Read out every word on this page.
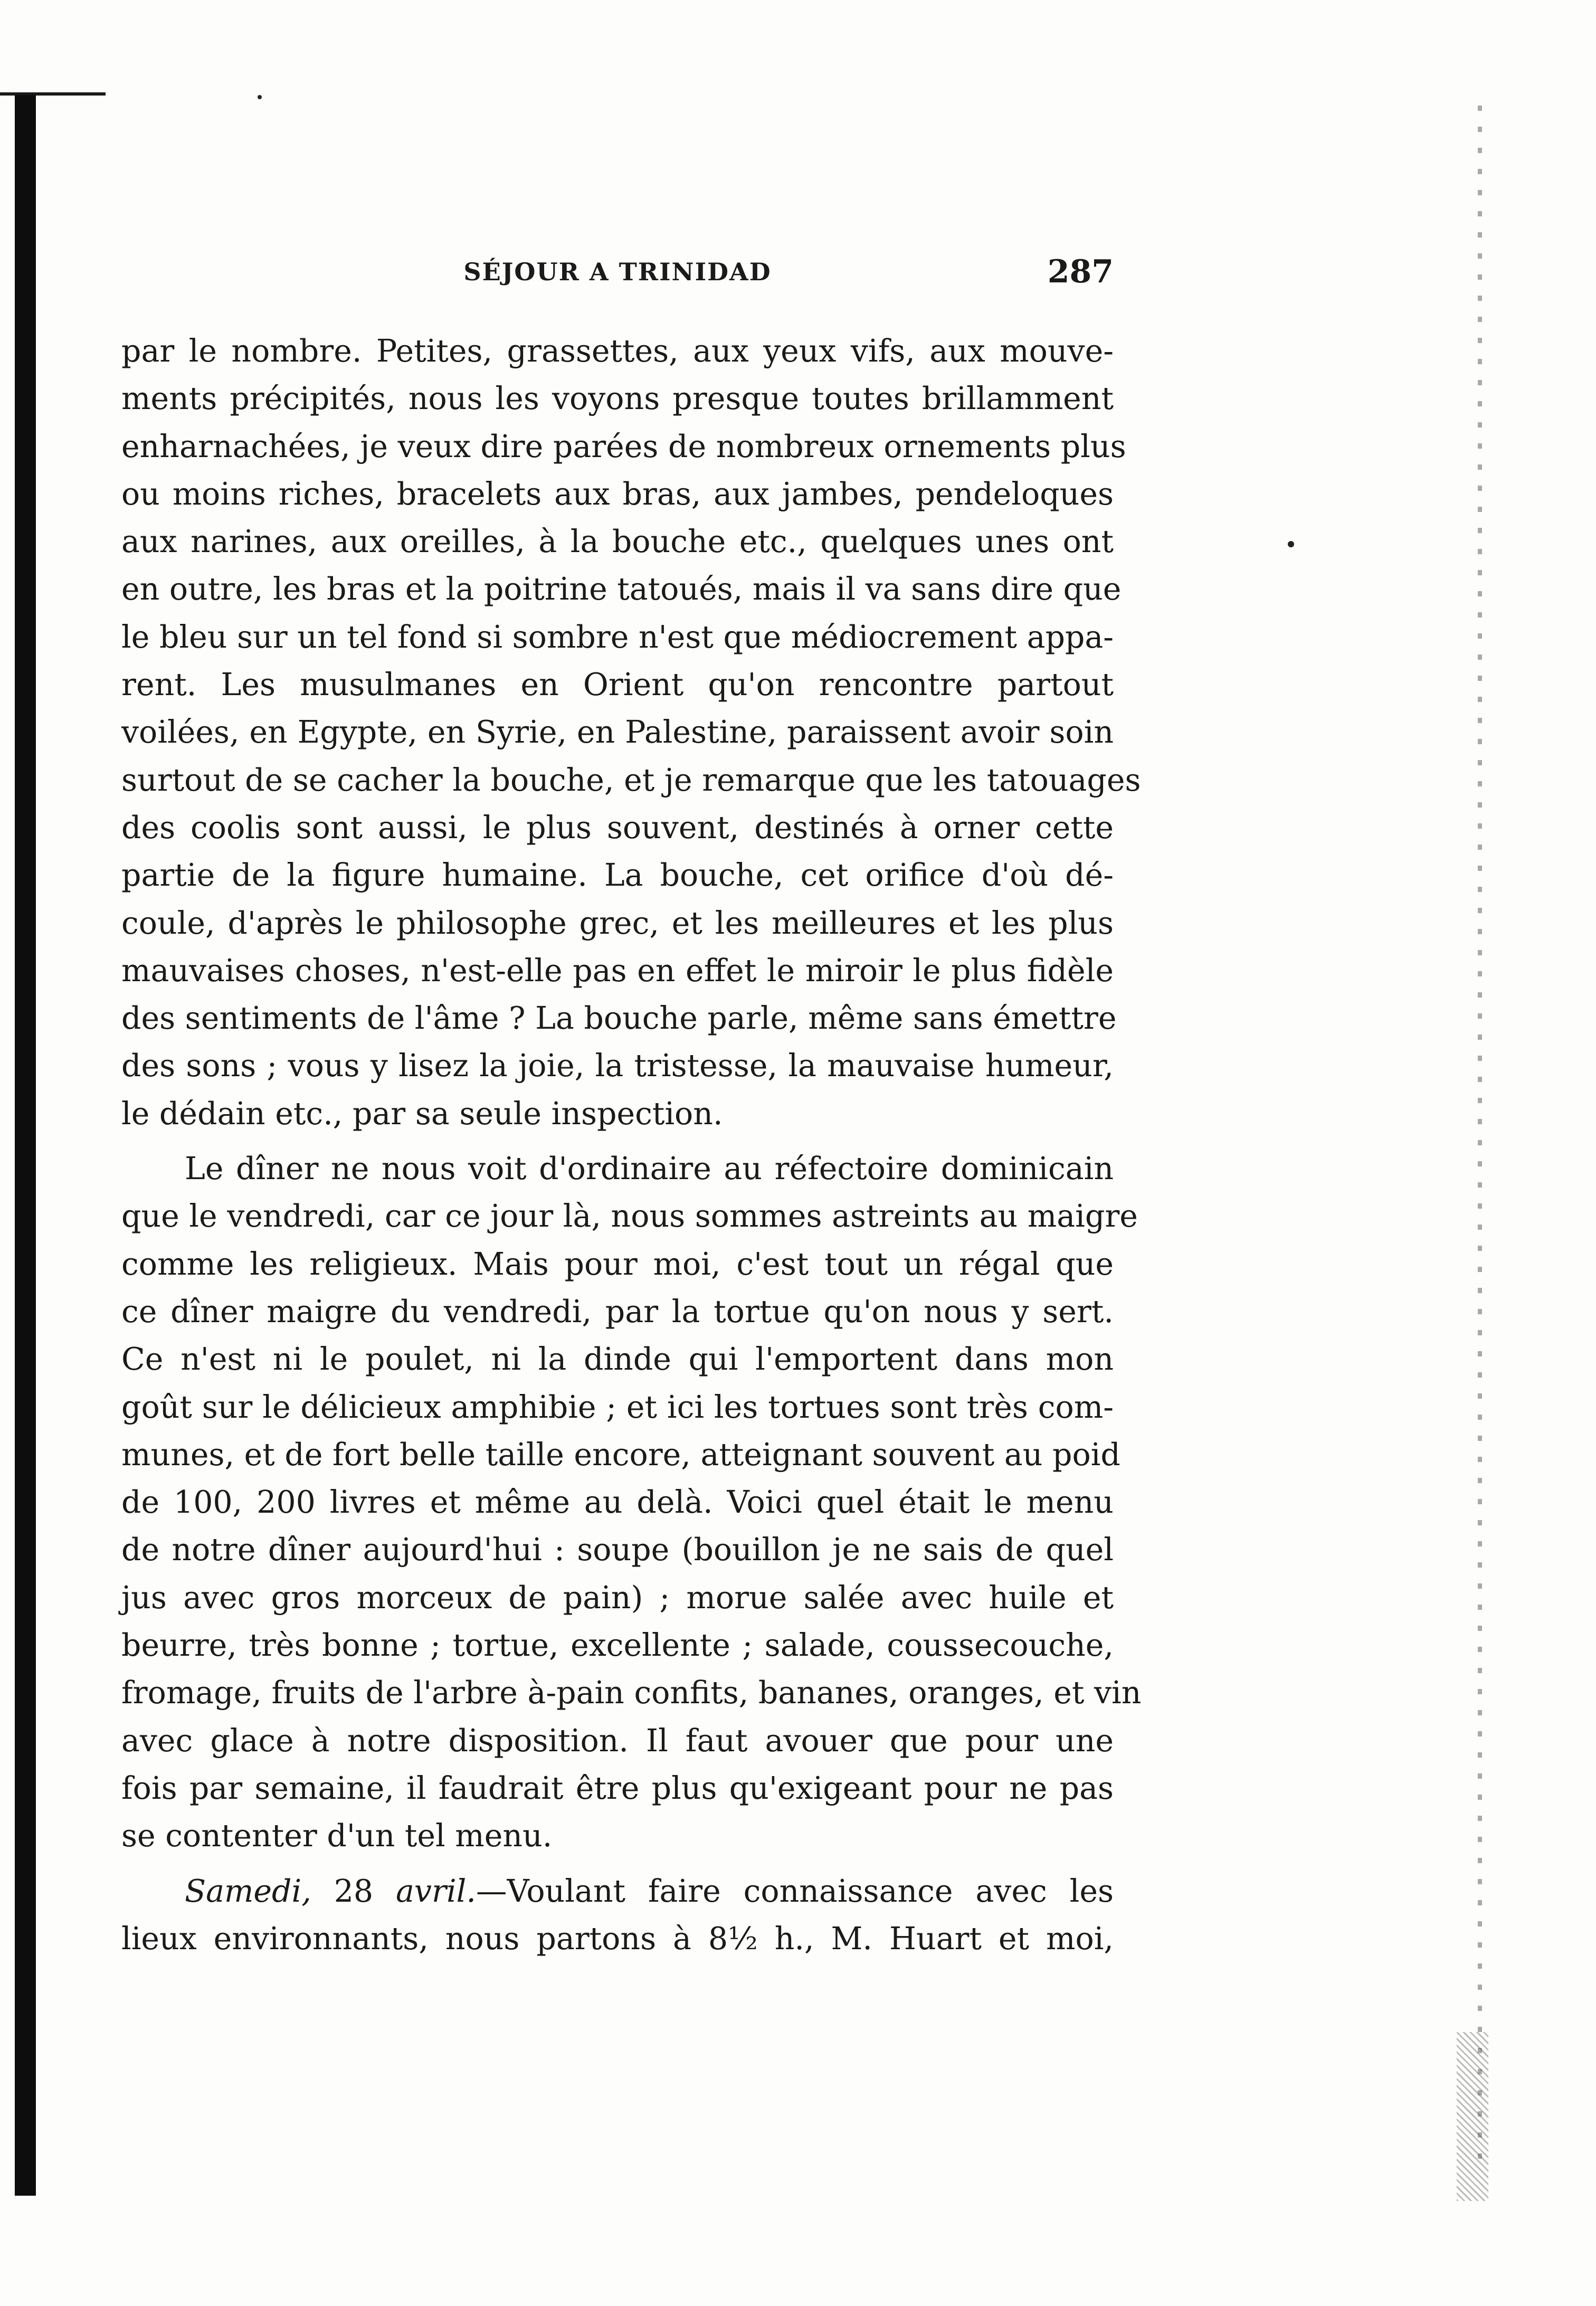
SÉJOUR A TRINIDAD	287

par le nombre. Petites, grassettes, aux yeux vifs, aux mouve-
ments précipités, nous les voyons presque toutes brillamment
enharnachées, je veux dire parées de nombreux ornements plus
ou moins riches, bracelets aux bras, aux jambes, pendeloques
aux narines, aux oreilles, à la bouche etc., quelques unes ont
en outre, les bras et la poitrine tatoués, mais il va sans dire que
le bleu sur un tel fond si sombre n'est que médiocrement appa-
rent. Les musulmanes en Orient qu'on rencontre partout
voilées, en Egypte, en Syrie, en Palestine, paraissent avoir soin
surtout de se cacher la bouche, et je remarque que les tatouages
des coolis sont aussi, le plus souvent, destinés à orner cette
partie de la figure humaine. La bouche, cet orifice d'où dé-
coule, d'après le philosophe grec, et les meilleures et les plus
mauvaises choses, n'est-elle pas en effet le miroir le plus fidèle
des sentiments de l'âme ? La bouche parle, même sans émettre
des sons ; vous y lisez la joie, la tristesse, la mauvaise humeur,
le dédain etc., par sa seule inspection.

Le dîner ne nous voit d'ordinaire au réfectoire dominicain
que le vendredi, car ce jour là, nous sommes astreints au maigre
comme les religieux. Mais pour moi, c'est tout un régal que
ce dîner maigre du vendredi, par la tortue qu'on nous y sert.
Ce n'est ni le poulet, ni la dinde qui l'emportent dans mon
goût sur le délicieux amphibie ; et ici les tortues sont très com-
munes, et de fort belle taille encore, atteignant souvent au poid
de 100, 200 livres et même au delà. Voici quel était le menu
de notre dîner aujourd'hui : soupe (bouillon je ne sais de quel
jus avec gros morceux de pain) ; morue salée avec huile et
beurre, très bonne ; tortue, excellente ; salade, coussecouche,
fromage, fruits de l'arbre à-pain confits, bananes, oranges, et vin
avec glace à notre disposition. Il faut avouer que pour une
fois par semaine, il faudrait être plus qu'exigeant pour ne pas
se contenter d'un tel menu.

Samedi, 28 avril.—Voulant faire connaissance avec les
lieux environnants, nous partons à 8½ h., M. Huart et moi,
